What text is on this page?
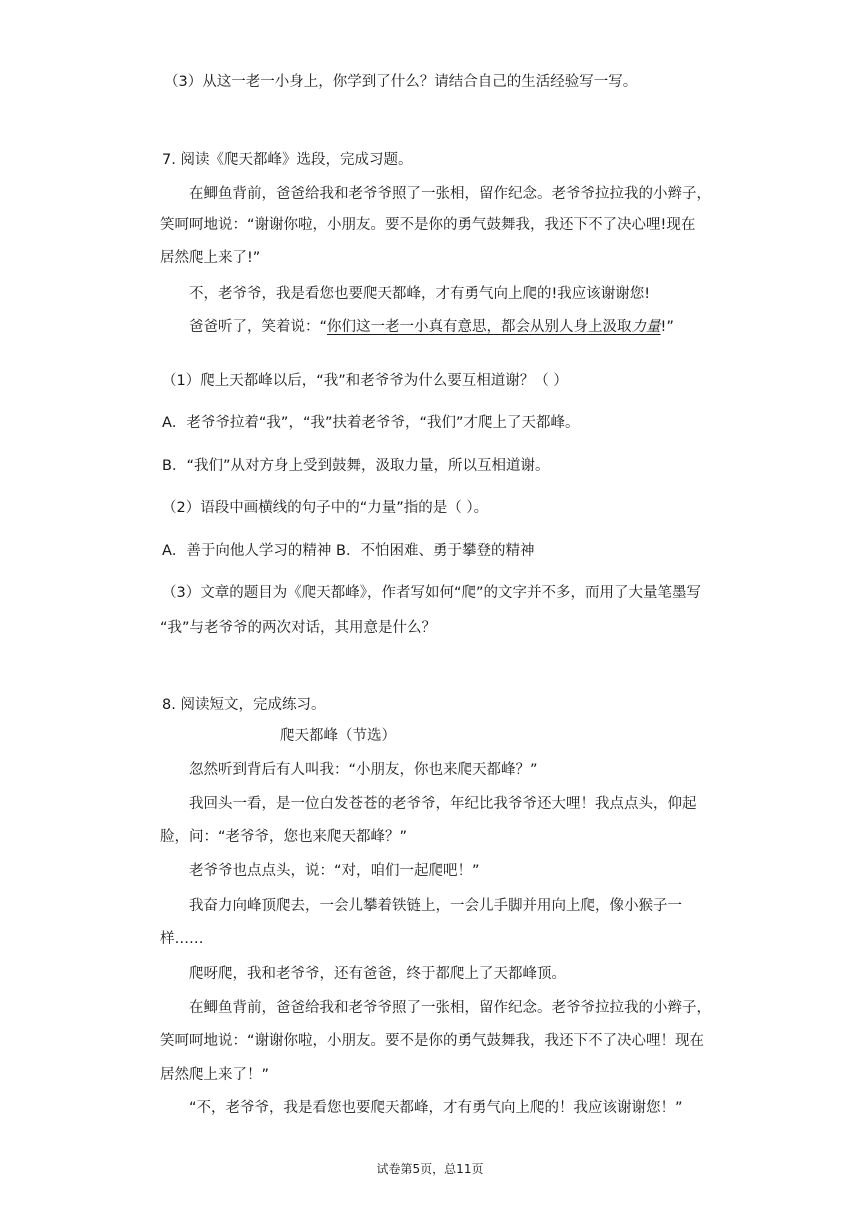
（3）从这一老一小身上，你学到了什么？请结合自己的生活经验写一写。
7. 阅读《爬天都峰》选段，完成习题。
在鲫鱼背前，爸爸给我和老爷爷照了一张相，留作纪念。老爷爷拉拉我的小辫子，
笑呵呵地说：“谢谢你啦，小朋友。要不是你的勇气鼓舞我，我还下不了决心哩!现在
居然爬上来了!”
不，老爷爷，我是看您也要爬天都峰，才有勇气向上爬的!我应该谢谢您!
爸爸听了，笑着说：“你们这一老一小真有意思，都会从别人身上汲取力量!”
（1）爬上天都峰以后，“我”和老爷爷为什么要互相道谢？（ ）
A．老爷爷拉着“我”，“我”扶着老爷爷，“我们”才爬上了天都峰。
B．“我们”从对方身上受到鼓舞，汲取力量，所以互相道谢。
（2）语段中画横线的句子中的“力量”指的是（ ）。
A．善于向他人学习的精神 B．不怕困难、勇于攀登的精神
（3）文章的题目为《爬天都峰》，作者写如何“爬”的文字并不多，而用了大量笔墨写
“我”与老爷爷的两次对话，其用意是什么？
8. 阅读短文，完成练习。
爬天都峰（节选）
忽然听到背后有人叫我：“小朋友，你也来爬天都峰？”
我回头一看，是一位白发苍苍的老爷爷，年纪比我爷爷还大哩！我点点头，仰起
脸，问：“老爷爷，您也来爬天都峰？”
老爷爷也点点头，说：“对，咱们一起爬吧！”
我奋力向峰顶爬去，一会儿攀着铁链上，一会儿手脚并用向上爬，像小猴子一
样……
爬呀爬，我和老爷爷，还有爸爸，终于都爬上了天都峰顶。
在鲫鱼背前，爸爸给我和老爷爷照了一张相，留作纪念。老爷爷拉拉我的小辫子，
笑呵呵地说：“谢谢你啦，小朋友。要不是你的勇气鼓舞我，我还下不了决心哩！现在
居然爬上来了！”
“不，老爷爷，我是看您也要爬天都峰，才有勇气向上爬的！我应该谢谢您！”
试卷第5页，总11页
